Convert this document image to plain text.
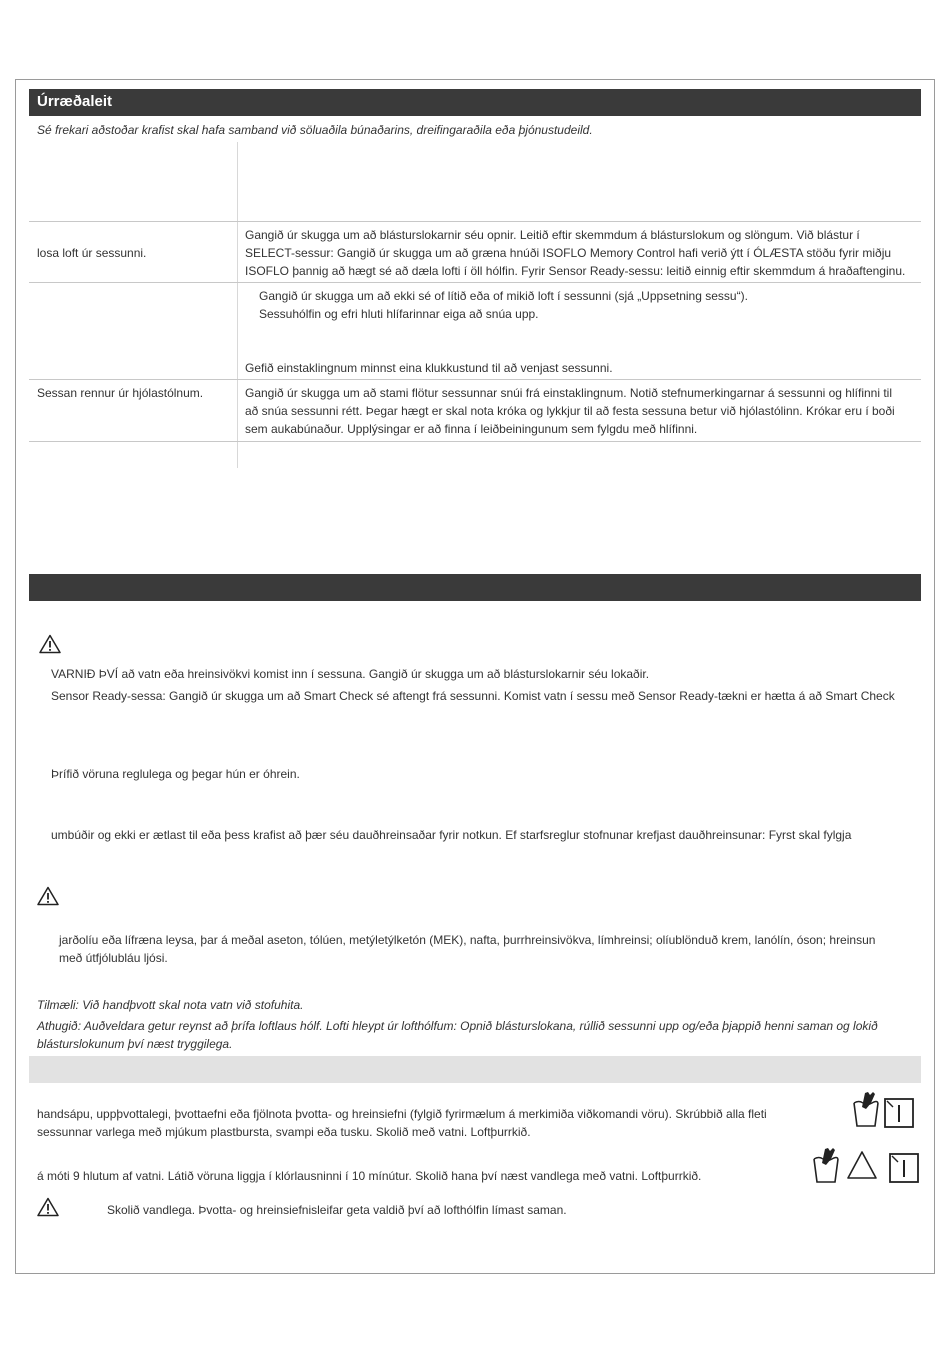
Úrræðaleit
Sé frekari aðstoðar krafist skal hafa samband við söluaðila búnaðarins, dreifingaraðila eða þjónustudeild.
losa loft úr sessunni.
Gangið úr skugga um að blásturslokarnir séu opnir. Leitið eftir skemmdum á blásturslokum og slöngum. Við blástur í
SELECT-sessur: Gangið úr skugga um að græna hnúði ISOFLO Memory Control hafi verið ýtt í ÓLÆSTA stöðu fyrir miðju
ISOFLO þannig að hægt sé að dæla lofti í öll hólfin. Fyrir Sensor Ready-sessu: leitið einnig eftir skemmdum á hraðaftenginu.
Gangið úr skugga um að ekki sé of lítið eða of mikið loft í sessunni (sjá „Uppsetning sessu“).
Sessuhólfin og efri hluti hlífarinnar eiga að snúa upp.
Gefið einstaklingnum minnst eina klukkustund til að venjast sessunni.
Sessan rennur úr hjólastólnum.	Gangið úr skugga um að stami flötur sessunnar snúi frá einstaklingnum. Notið stefnumerkingarnar á sessunni og hlífinni til
að snúa sessunni rétt. Þegar hægt er skal nota króka og lykkjur til að festa sessuna betur við hjólastólinn. Krókar eru í boði
sem aukabúnaður. Upplýsingar er að finna í leiðbeiningunum sem fylgdu með hlífinni.
VARNIÐ ÞVÍ að vatn eða hreinsivökvi komist inn í sessuna. Gangið úr skugga um að blásturslokarnir séu lokaðir.
Sensor Ready-sessa: Gangið úr skugga um að Smart Check sé aftengt frá sessunni. Komist vatn í sessu með Sensor Ready-tækni er hætta á að Smart Check
Þrífið vöruna reglulega og þegar hún er óhrein.
umbúðir og ekki er ætlast til eða þess krafist að þær séu dauðhreinsaðar fyrir notkun. Ef starfsreglur stofnunar krefjast dauðhreinsunar: Fyrst skal fylgja
jarðolíu eða lífræna leysa, þar á meðal aseton, tólúen, metýletýlketón (MEK), nafta, þurrhreinsivökva, límhreinsi; olíublönduð krem, lanólín, óson; hreinsun
með útfjólubláu ljósi.
Tilmæli: Við handþvott skal nota vatn við stofuhita.
Athugið: Auðveldara getur reynst að þrífa loftlaus hólf. Lofti hleypt úr lofthólfum: Opnið blásturslokana, rúllið sessunni upp og/eða þjappið henni saman og lokið
blásturslokunum því næst tryggilega.
handsápu, uppþvottalegi, þvottaefni eða fjölnota þvotta- og hreinsiefni (fylgið fyrirmælum á merkimiða viðkomandi vöru). Skrúbbið alla fleti
sessunnar varlega með mjúkum plastbursta, svampi eða tusku. Skolið með vatni. Loftþurrkið.
á móti 9 hlutum af vatni. Látið vöruna liggja í klórlausninni í 10 mínútur. Skolið hana því næst vandlega með vatni. Loftþurrkið.
Skolið vandlega. Þvotta- og hreinsiefnisleifar geta valdið því að lofthólfin límast saman.
